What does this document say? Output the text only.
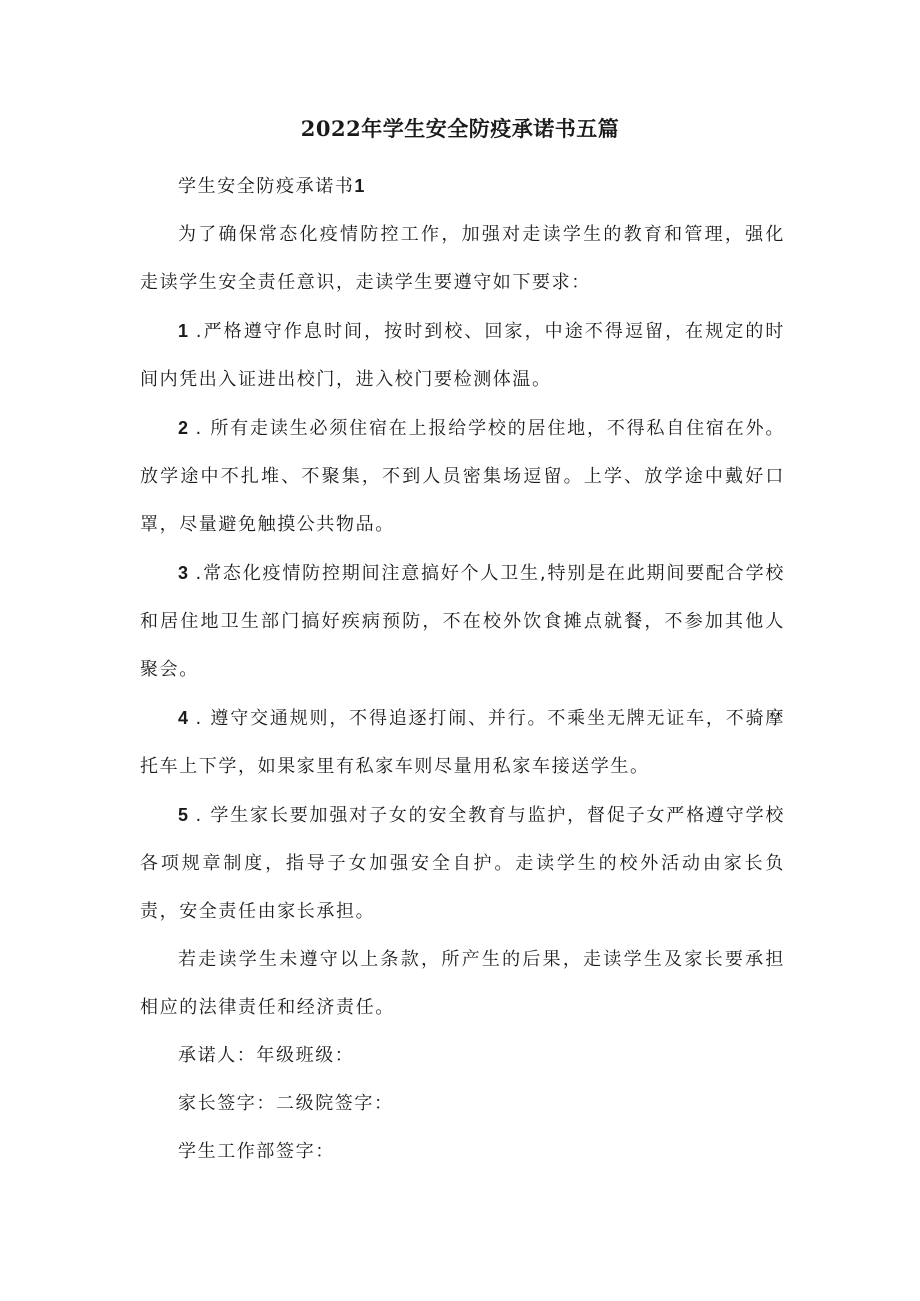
2022年学生安全防疫承诺书五篇

学生安全防疫承诺书1

为了确保常态化疫情防控工作，加强对走读学生的教育和管理，强化走读学生安全责任意识，走读学生要遵守如下要求：

1 .严格遵守作息时间，按时到校、回家，中途不得逗留，在规定的时间内凭出入证进出校门，进入校门要检测体温。

2 . 所有走读生必须住宿在上报给学校的居住地，不得私自住宿在外。放学途中不扎堆、不聚集，不到人员密集场逗留。上学、放学途中戴好口罩，尽量避免触摸公共物品。

3 .常态化疫情防控期间注意搞好个人卫生,特别是在此期间要配合学校和居住地卫生部门搞好疾病预防，不在校外饮食摊点就餐，不参加其他人聚会。

4 . 遵守交通规则，不得追逐打闹、并行。不乘坐无牌无证车，不骑摩托车上下学，如果家里有私家车则尽量用私家车接送学生。

5 . 学生家长要加强对子女的安全教育与监护，督促子女严格遵守学校各项规章制度，指导子女加强安全自护。走读学生的校外活动由家长负责，安全责任由家长承担。

若走读学生未遵守以上条款，所产生的后果，走读学生及家长要承担相应的法律责任和经济责任。

承诺人：年级班级：

家长签字：二级院签字：

学生工作部签字：
